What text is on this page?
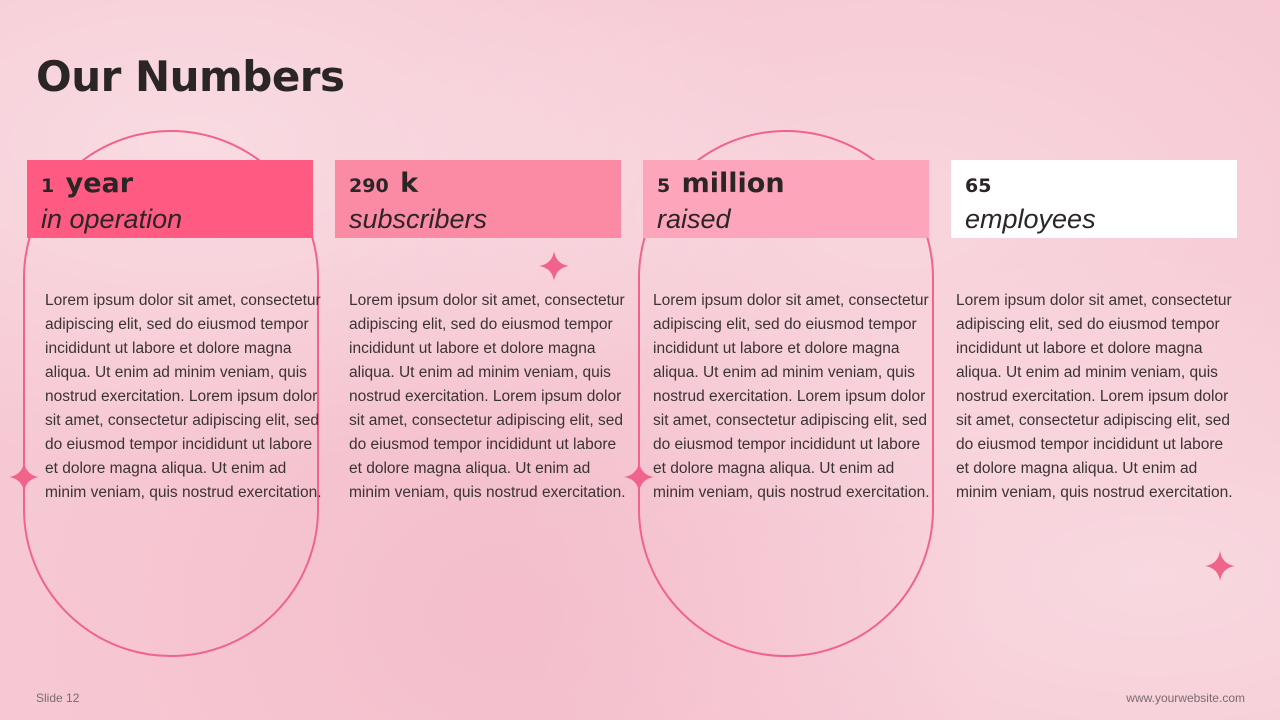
Our Numbers
1 year
in operation
290 k
subscribers
5 million
raised
65
employees

Lorem ipsum dolor sit amet, consectetur adipiscing elit, sed do eiusmod tempor incididunt ut labore et dolore magna aliqua. Ut enim ad minim veniam, quis nostrud exercitation. Lorem ipsum dolor sit amet, consectetur adipiscing elit, sed do eiusmod tempor incididunt ut labore et dolore magna aliqua. Ut enim ad minim veniam, quis nostrud exercitation.

Lorem ipsum dolor sit amet, consectetur adipiscing elit, sed do eiusmod tempor incididunt ut labore et dolore magna aliqua. Ut enim ad minim veniam, quis nostrud exercitation. Lorem ipsum dolor sit amet, consectetur adipiscing elit, sed do eiusmod tempor incididunt ut labore et dolore magna aliqua. Ut enim ad minim veniam, quis nostrud exercitation.

Lorem ipsum dolor sit amet, consectetur adipiscing elit, sed do eiusmod tempor incididunt ut labore et dolore magna aliqua. Ut enim ad minim veniam, quis nostrud exercitation. Lorem ipsum dolor sit amet, consectetur adipiscing elit, sed do eiusmod tempor incididunt ut labore et dolore magna aliqua. Ut enim ad minim veniam, quis nostrud exercitation.

Lorem ipsum dolor sit amet, consectetur adipiscing elit, sed do eiusmod tempor incididunt ut labore et dolore magna aliqua. Ut enim ad minim veniam, quis nostrud exercitation. Lorem ipsum dolor sit amet, consectetur adipiscing elit, sed do eiusmod tempor incididunt ut labore et dolore magna aliqua. Ut enim ad minim veniam, quis nostrud exercitation.

Slide 12	www.yourwebsite.com
